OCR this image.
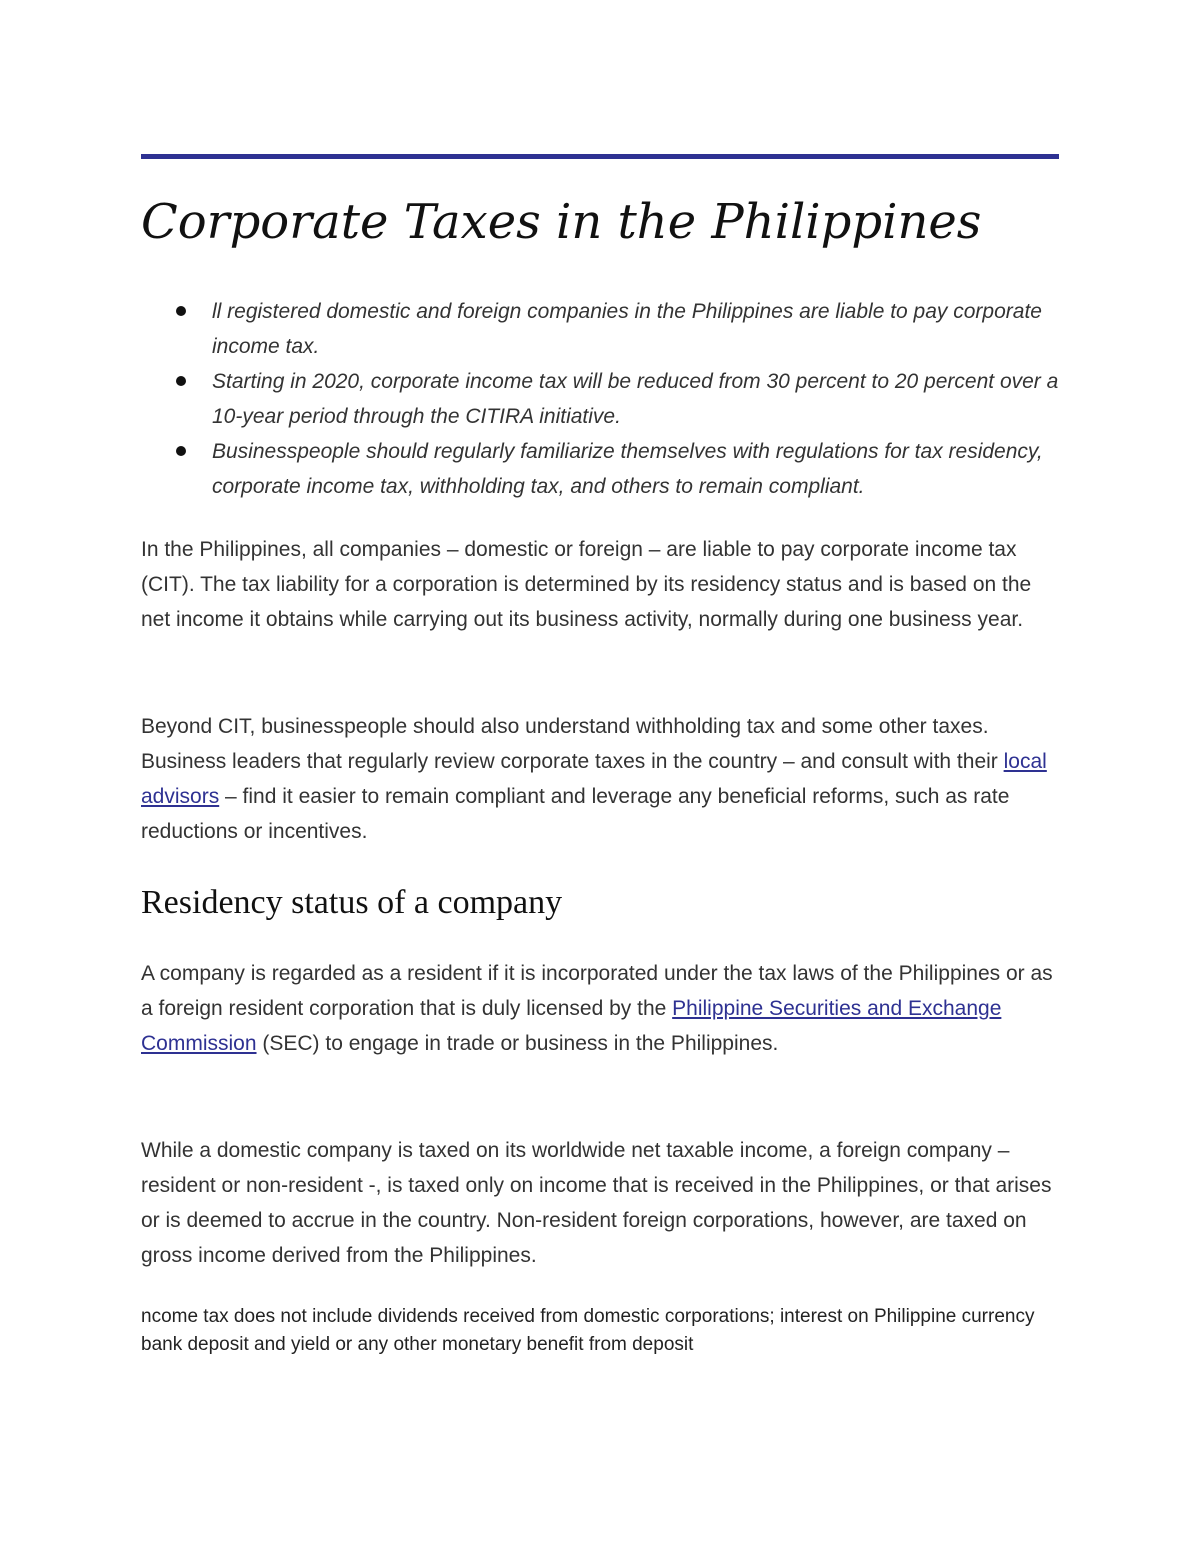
Corporate Taxes in the Philippines
ll registered domestic and foreign companies in the Philippines are liable to pay corporate income tax.
Starting in 2020, corporate income tax will be reduced from 30 percent to 20 percent over a 10-year period through the CITIRA initiative.
Businesspeople should regularly familiarize themselves with regulations for tax residency, corporate income tax, withholding tax, and others to remain compliant.

In the Philippines, all companies – domestic or foreign – are liable to pay corporate income tax (CIT). The tax liability for a corporation is determined by its residency status and is based on the net income it obtains while carrying out its business activity, normally during one business year.

Beyond CIT, businesspeople should also understand withholding tax and some other taxes. Business leaders that regularly review corporate taxes in the country – and consult with their local advisors – find it easier to remain compliant and leverage any beneficial reforms, such as rate reductions or incentives.

Residency status of a company

A company is regarded as a resident if it is incorporated under the tax laws of the Philippines or as a foreign resident corporation that is duly licensed by the Philippine Securities and Exchange Commission (SEC) to engage in trade or business in the Philippines.

While a domestic company is taxed on its worldwide net taxable income, a foreign company – resident or non-resident -, is taxed only on income that is received in the Philippines, or that arises or is deemed to accrue in the country. Non-resident foreign corporations, however, are taxed on gross income derived from the Philippines.

ncome tax does not include dividends received from domestic corporations; interest on Philippine currency bank deposit and yield or any other monetary benefit from deposit
